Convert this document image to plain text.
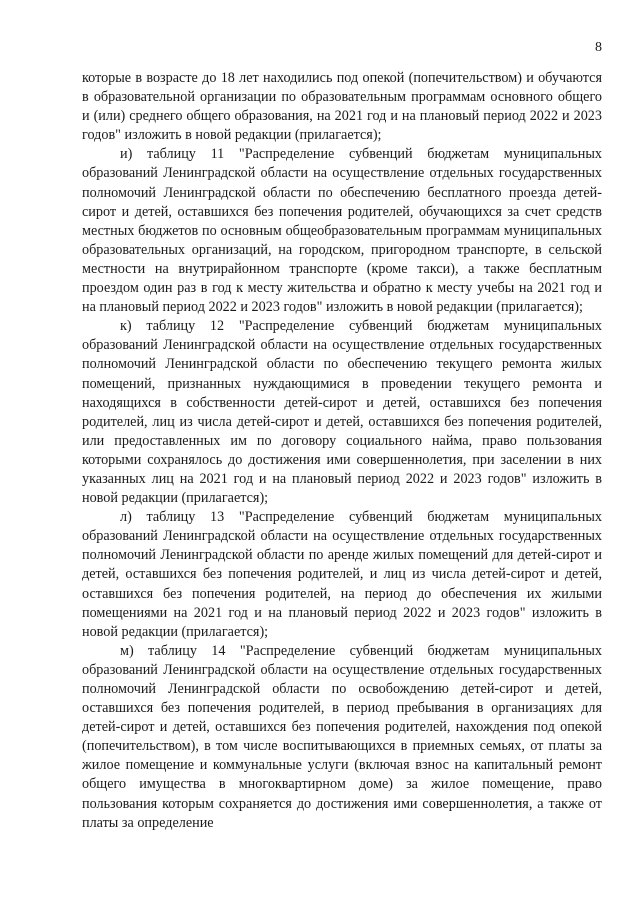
8

которые в возрасте до 18 лет находились под опекой (попечительством) и обучаются в образовательной организации по образовательным программам основного общего и (или) среднего общего образования, на 2021 год и на плановый период 2022 и 2023 годов" изложить в новой редакции (прилагается);

и) таблицу 11 "Распределение субвенций бюджетам муниципальных образований Ленинградской области на осуществление отдельных государственных полномочий Ленинградской области по обеспечению бесплатного проезда детей-сирот и детей, оставшихся без попечения родителей, обучающихся за счет средств местных бюджетов по основным общеобразовательным программам муниципальных образовательных организаций, на городском, пригородном транспорте, в сельской местности на внутрирайонном транспорте (кроме такси), а также бесплатным проездом один раз в год к месту жительства и обратно к месту учебы на 2021 год и на плановый период 2022 и 2023 годов" изложить в новой редакции (прилагается);

к) таблицу 12 "Распределение субвенций бюджетам муниципальных образований Ленинградской области на осуществление отдельных государственных полномочий Ленинградской области по обеспечению текущего ремонта жилых помещений, признанных нуждающимися в проведении текущего ремонта и находящихся в собственности детей-сирот и детей, оставшихся без попечения родителей, лиц из числа детей-сирот и детей, оставшихся без попечения родителей, или предоставленных им по договору социального найма, право пользования которыми сохранялось до достижения ими совершеннолетия, при заселении в них указанных лиц на 2021 год и на плановый период 2022 и 2023 годов" изложить в новой редакции (прилагается);

л) таблицу 13 "Распределение субвенций бюджетам муниципальных образований Ленинградской области на осуществление отдельных государственных полномочий Ленинградской области по аренде жилых помещений для детей-сирот и детей, оставшихся без попечения родителей, и лиц из числа детей-сирот и детей, оставшихся без попечения родителей, на период до обеспечения их жилыми помещениями на 2021 год и на плановый период 2022 и 2023 годов" изложить в новой редакции (прилагается);

м) таблицу 14 "Распределение субвенций бюджетам муниципальных образований Ленинградской области на осуществление отдельных государственных полномочий Ленинградской области по освобождению детей-сирот и детей, оставшихся без попечения родителей, в период пребывания в организациях для детей-сирот и детей, оставшихся без попечения родителей, нахождения под опекой (попечительством), в том числе воспитывающихся в приемных семьях, от платы за жилое помещение и коммунальные услуги (включая взнос на капитальный ремонт общего имущества в многоквартирном доме) за жилое помещение, право пользования которым сохраняется до достижения ими совершеннолетия, а также от платы за определение
